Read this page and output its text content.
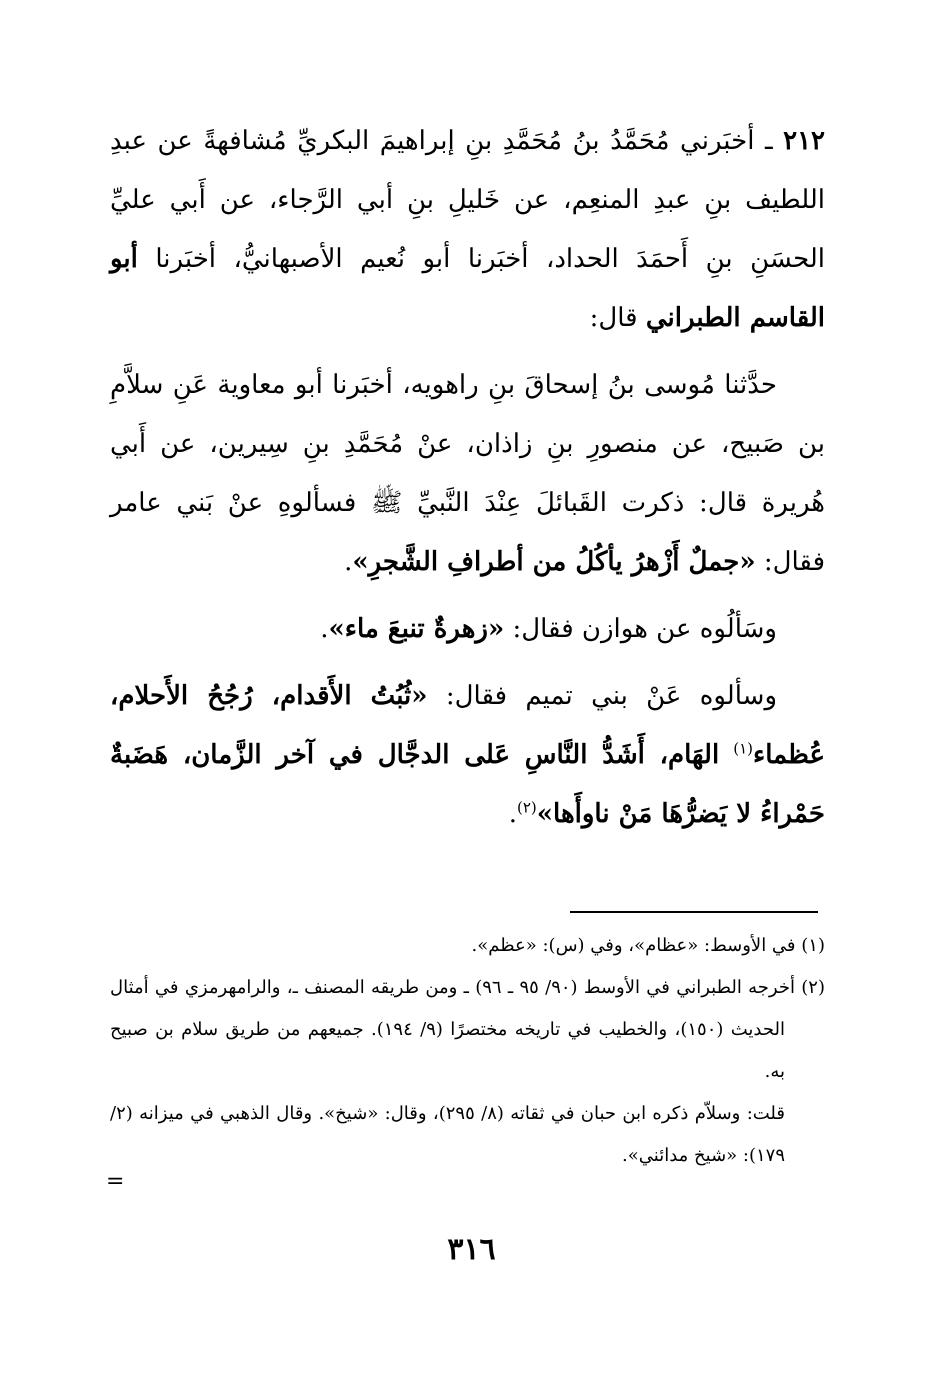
٢١٢ ـ أخبَرني مُحَمَّدُ بنُ مُحَمَّدِ بنِ إبراهيمَ البكريِّ مُشافهةً عن عبدِ اللطيف بنِ عبدِ المنعِم، عن خَليلِ بنِ أبي الرَّجاء، عن أَبي عليِّ الحسَنِ بنِ أَحمَدَ الحداد، أخبَرنا أبو نُعيم الأصبهانيُّ، أخبَرنا أبو القاسم الطبراني قال:

حدَّثنا مُوسى بنُ إسحاقَ بنِ راهويه، أخبَرنا أبو معاوية عَنِ سلاَّمِ بن صَبيح، عن منصورِ بنِ زاذان، عنْ مُحَمَّدِ بنِ سِيرين، عن أَبي هُريرة قال: ذكرت القَبائلَ عِنْدَ النَّبيِّ ﷺ فسألوهِ عنْ بَني عامر فقال: «جملٌ أَزْهرُ يأكُلُ من أطرافِ الشَّجرِ».

وسَألُوه عن هوازن فقال: «زهرةٌ تنبعَ ماء».

وسألوه عَنْ بني تميم فقال: «ثُبُتُ الأَقدام، رُجُحُ الأَحلام، عُظماء$^{(١)}$ الهَام، أَشَدُّ النَّاسِ عَلى الدجَّال في آخر الزَّمان، هَضَبةٌ حَمْراءُ لا يَضرُّهَا مَنْ ناوأَها»$^{(٢)}$.

(١) في الأوسط: «عظام»، وفي (س): «عظم».

(٢) أخرجه الطبراني في الأوسط (٩٠/ ٩٥ ـ ٩٦) ـ ومن طريقه المصنف ـ، والرامهرمزي في أمثال الحديث (١٥٠)، والخطيب في تاريخه مختصرًا (٩/ ١٩٤). جميعهم من طريق سلام بن صبيح به.

قلت: وسلاّم ذكره ابن حبان في ثقاته (٨/ ٢٩٥)، وقال: «شيخ». وقال الذهبي في ميزانه (٢/ ١٧٩): «شيخ مدائني».

=
٣١٦
